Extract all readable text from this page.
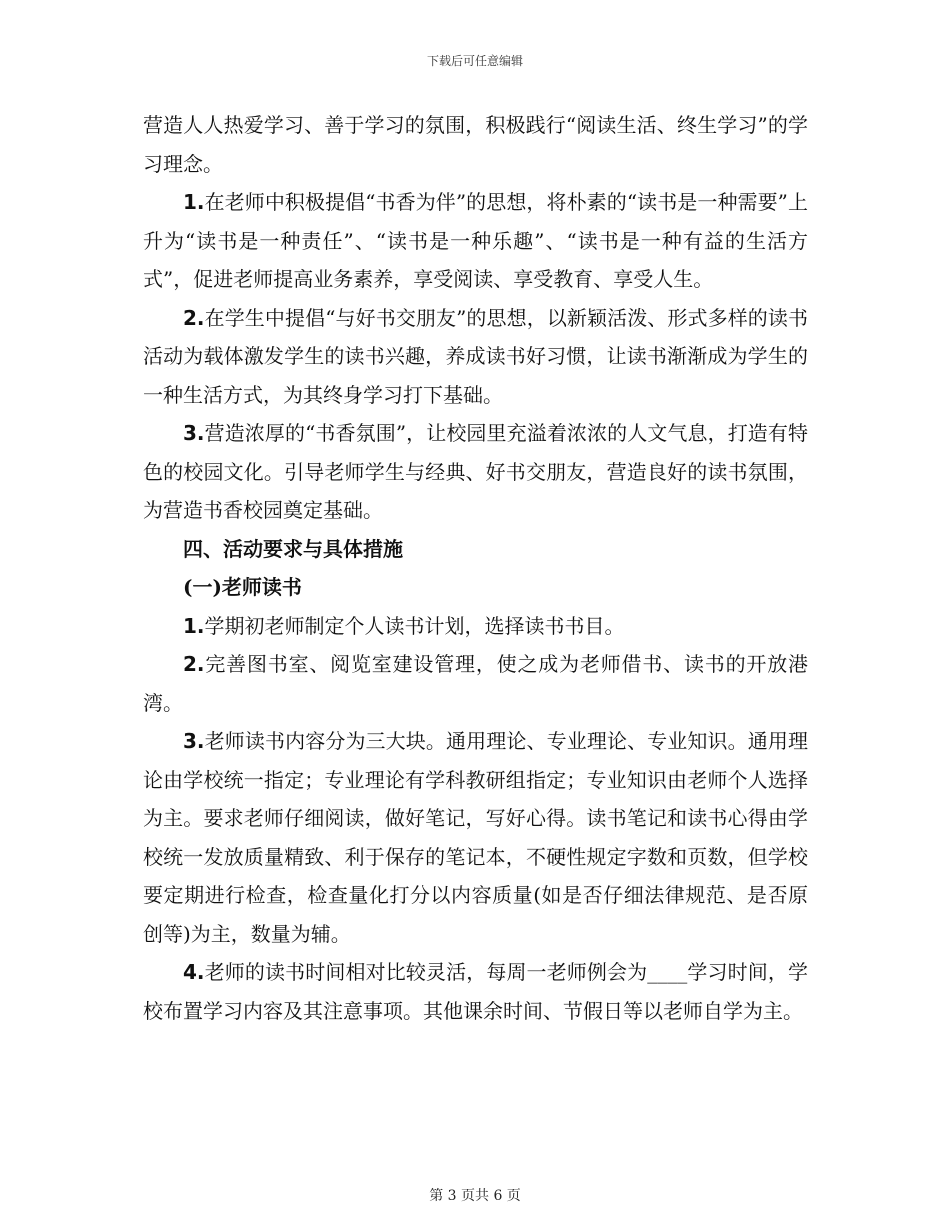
下载后可任意编辑

营造人人热爱学习、善于学习的氛围，积极践行“阅读生活、终生学习”的学习理念。

1.在老师中积极提倡“书香为伴”的思想，将朴素的“读书是一种需要”上升为“读书是一种责任”、“读书是一种乐趣”、“读书是一种有益的生活方式”，促进老师提高业务素养，享受阅读、享受教育、享受人生。

2.在学生中提倡“与好书交朋友”的思想，以新颖活泼、形式多样的读书活动为载体激发学生的读书兴趣，养成读书好习惯，让读书渐渐成为学生的一种生活方式，为其终身学习打下基础。

3.营造浓厚的“书香氛围”，让校园里充溢着浓浓的人文气息，打造有特色的校园文化。引导老师学生与经典、好书交朋友，营造良好的读书氛围，为营造书香校园奠定基础。

四、活动要求与具体措施

(一)老师读书

1.学期初老师制定个人读书计划，选择读书书目。

2.完善图书室、阅览室建设管理，使之成为老师借书、读书的开放港湾。

3.老师读书内容分为三大块。通用理论、专业理论、专业知识。通用理论由学校统一指定；专业理论有学科教研组指定；专业知识由老师个人选择为主。要求老师仔细阅读，做好笔记，写好心得。读书笔记和读书心得由学校统一发放质量精致、利于保存的笔记本，不硬性规定字数和页数，但学校要定期进行检查，检查量化打分以内容质量(如是否仔细法律规范、是否原创等)为主，数量为辅。

4.老师的读书时间相对比较灵活，每周一老师例会为____学习时间，学校布置学习内容及其注意事项。其他课余时间、节假日等以老师自学为主。

第 3 页共 6 页
